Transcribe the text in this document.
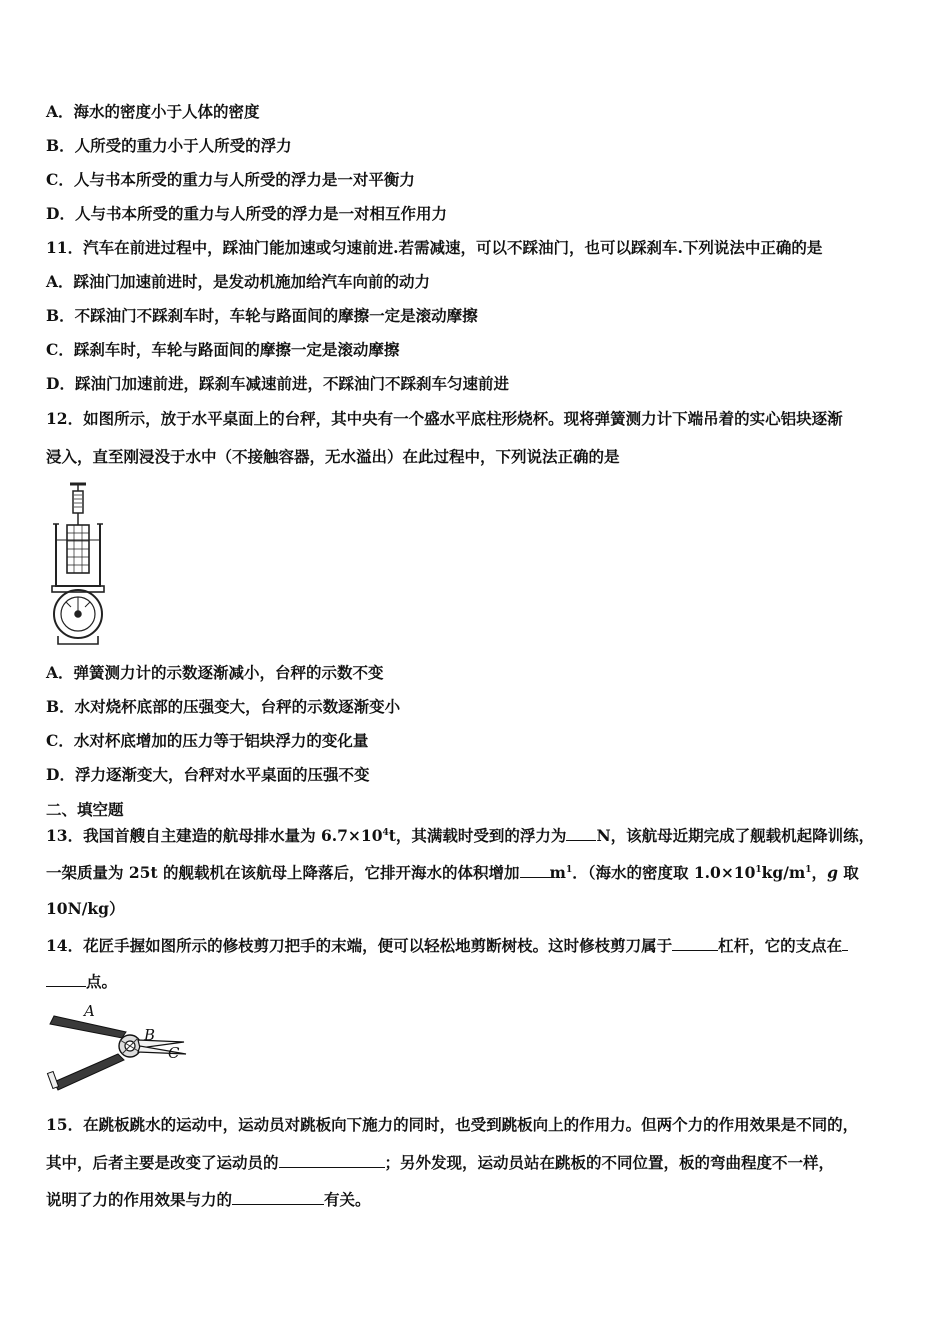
A．海水的密度小于人体的密度
B．人所受的重力小于人所受的浮力
C．人与书本所受的重力与人所受的浮力是一对平衡力
D．人与书本所受的重力与人所受的浮力是一对相互作用力
11．汽车在前进过程中，踩油门能加速或匀速前进.若需减速，可以不踩油门，也可以踩刹车.下列说法中正确的是
A．踩油门加速前进时，是发动机施加给汽车向前的动力
B．不踩油门不踩刹车时，车轮与路面间的摩擦一定是滚动摩擦
C．踩刹车时，车轮与路面间的摩擦一定是滚动摩擦
D．踩油门加速前进，踩刹车减速前进，不踩油门不踩刹车匀速前进
12．如图所示，放于水平桌面上的台秤，其中央有一个盛水平底柱形烧杯。现将弹簧测力计下端吊着的实心铝块逐渐
浸入，直至刚浸没于水中（不接触容器，无水溢出）在此过程中，下列说法正确的是
A．弹簧测力计的示数逐渐减小，台秤的示数不变
B．水对烧杯底部的压强变大，台秤的示数逐渐变小
C．水对杯底增加的压力等于铝块浮力的变化量
D．浮力逐渐变大，台秤对水平桌面的压强不变
二、填空题
13．我国首艘自主建造的航母排水量为 $6.7\times 10^4t$，其满载时受到的浮力为 N，该航母近期完成了舰载机起降训练，
一架质量为 25t 的舰载机在该航母上降落后，它排开海水的体积增加 $m^1$．（海水的密度取 $1.0\times 10^1kg/m^1$，g 取
10N/kg）
14．花匠手握如图所示的修枝剪刀把手的末端，便可以轻松地剪断树枝。这时修枝剪刀属于	杠杆，它的支点在
点。
A
B
C
15．在跳板跳水的运动中，运动员对跳板向下施力的同时，也受到跳板向上的作用力。但两个力的作用效果是不同的，
其中，后者主要是改变了运动员的	；另外发现，运动员站在跳板的不同位置，板的弯曲程度不一样，
说明了力的作用效果与力的	有关。
